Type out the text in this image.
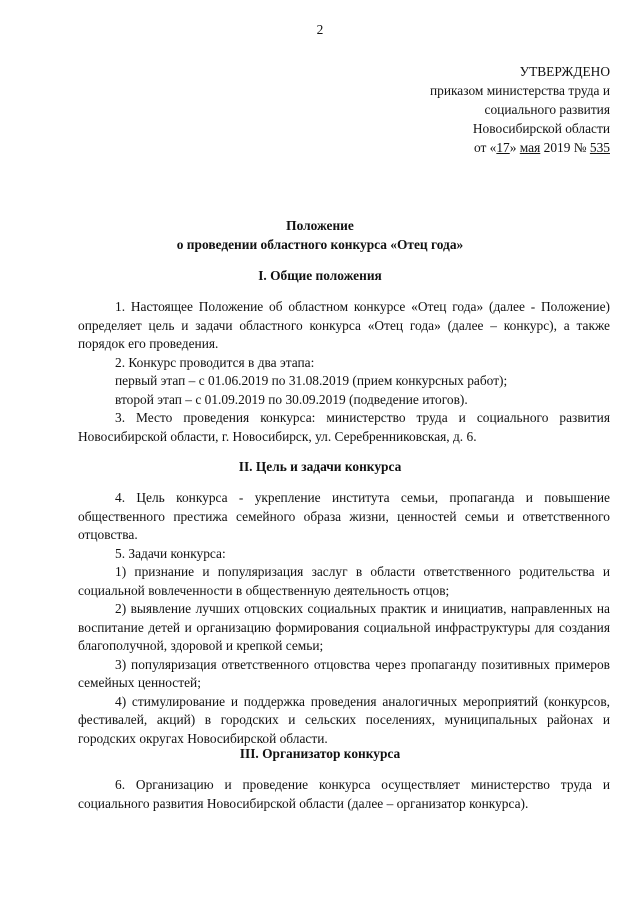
2
УТВЕРЖДЕНО
приказом министерства труда и
социального развития
Новосибирской области
от «17» мая 2019 № 535
Положение
о проведении областного конкурса «Отец года»
I. Общие положения

1. Настоящее Положение об областном конкурсе «Отец года» (далее - Положение) определяет цель и задачи областного конкурса «Отец года» (далее – конкурс), а также порядок его проведения.

2. Конкурс проводится в два этапа:

первый этап – с 01.06.2019 по 31.08.2019 (прием конкурсных работ);

второй этап – с 01.09.2019 по 30.09.2019 (подведение итогов).

3. Место проведения конкурса: министерство труда и социального развития Новосибирской области, г. Новосибирск, ул. Серебренниковская, д. 6.

II. Цель и задачи конкурса

4. Цель конкурса - укрепление института семьи, пропаганда и повышение общественного престижа семейного образа жизни, ценностей семьи и ответственного отцовства.

5. Задачи конкурса:

1) признание и популяризация заслуг в области ответственного родительства и социальной вовлеченности в общественную деятельность отцов;

2) выявление лучших отцовских социальных практик и инициатив, направленных на воспитание детей и организацию формирования социальной инфраструктуры для создания благополучной, здоровой и крепкой семьи;

3) популяризация ответственного отцовства через пропаганду позитивных примеров семейных ценностей;

4) стимулирование и поддержка проведения аналогичных мероприятий (конкурсов, фестивалей, акций) в городских и сельских поселениях, муниципальных районах и городских округах Новосибирской области.

III. Организатор конкурса

6. Организацию и проведение конкурса осуществляет министерство труда и социального развития Новосибирской области (далее – организатор конкурса).
